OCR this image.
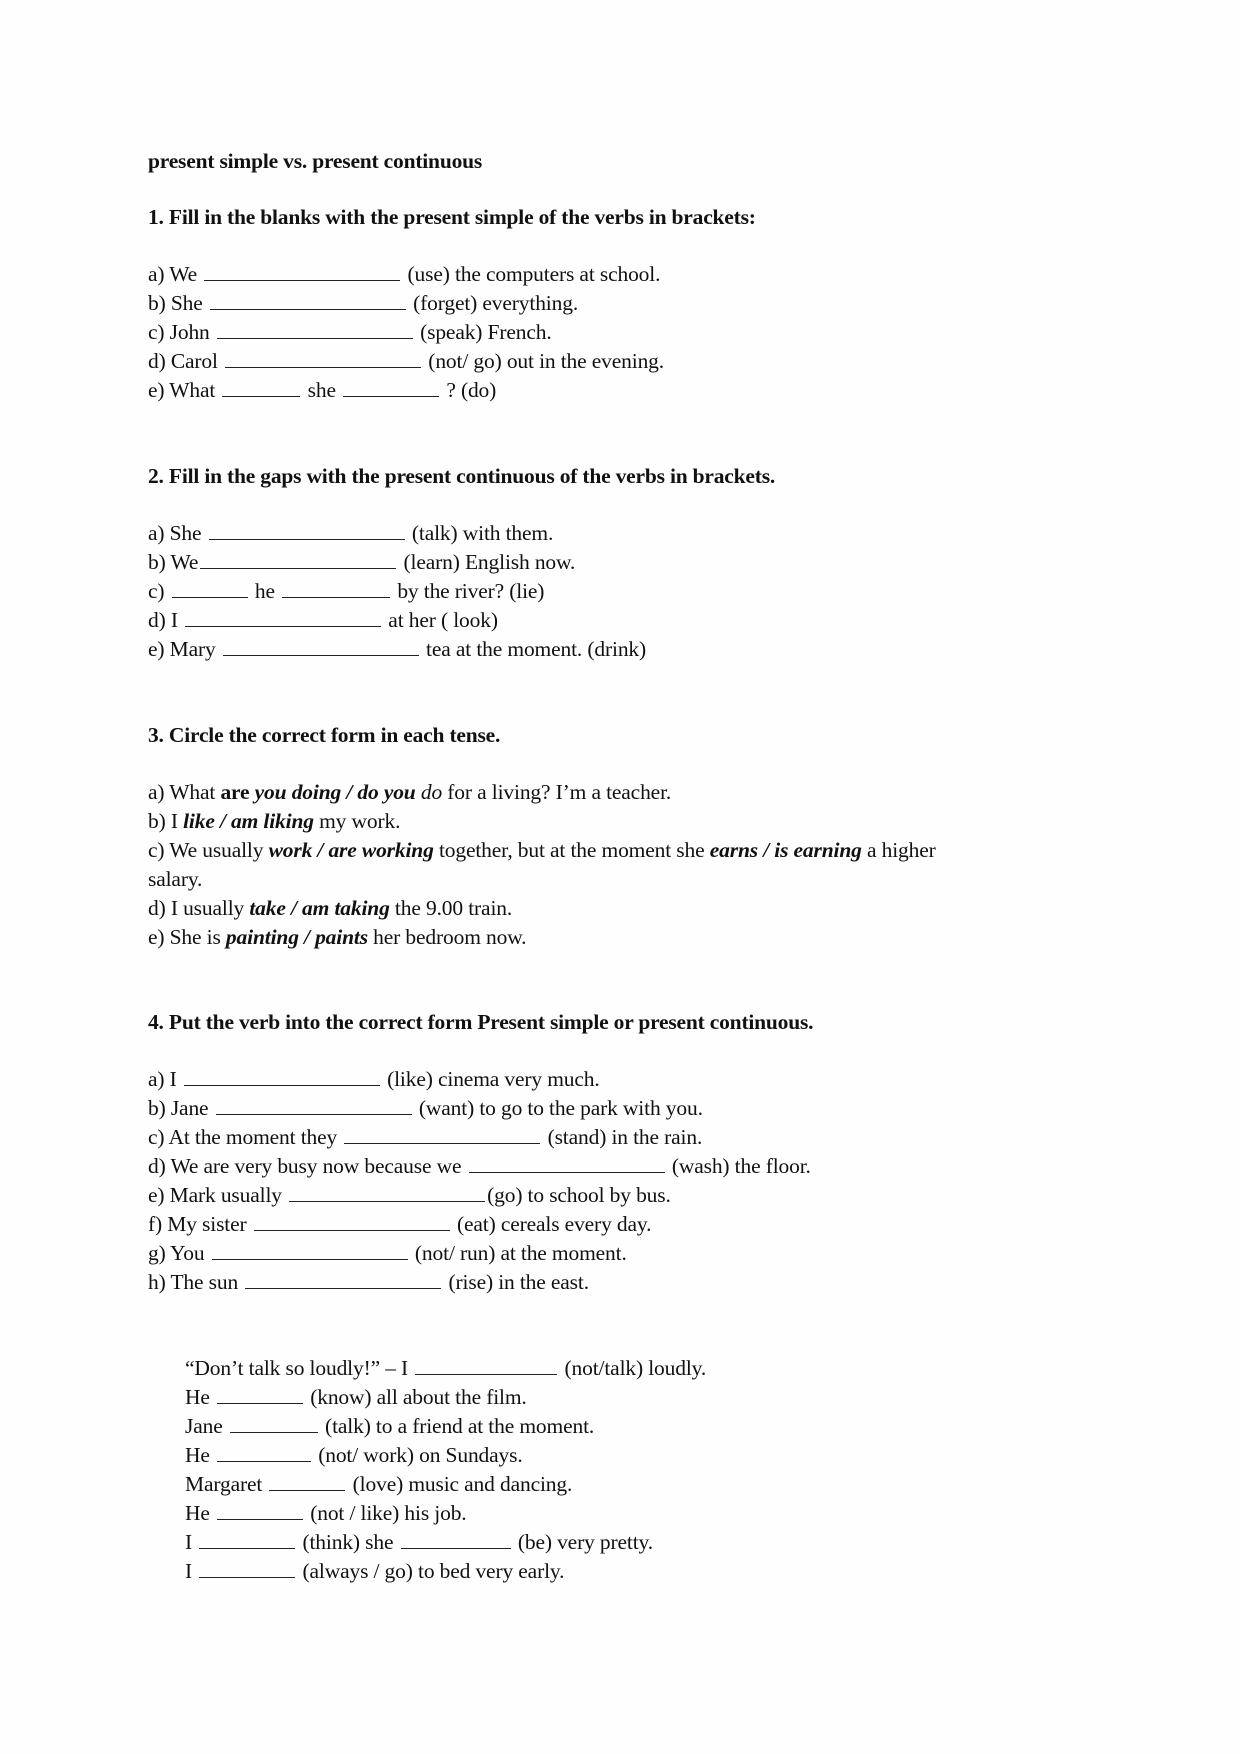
present simple vs. present continuous
1. Fill in the blanks with the present simple of the verbs in brackets:
a) We	(use) the computers at school.
b) She	(forget) everything.
c) John	(speak) French.
d) Carol	(not/ go) out in the evening.
e) What	she	? (do)
2. Fill in the gaps with the present continuous of the verbs in brackets.
a) She	(talk) with them.
b) We	(learn) English now.
c)	he	by the river? (lie)
d) I	at her ( look)
e) Mary	tea at the moment. (drink)
3. Circle the correct form in each tense.
a) What are you doing / do you do for a living? I’m a teacher.
b) I like / am liking my work.
c) We usually work / are working together, but at the moment she earns / is earning a higher
salary.
d) I usually take / am taking the 9.00 train.
e) She is painting / paints her bedroom now.
4. Put the verb into the correct form Present simple or present continuous.
a) I	(like) cinema very much.
b) Jane	(want) to go to the park with you.
c) At the moment they	(stand) in the rain.
d) We are very busy now because we	(wash) the floor.
e) Mark usually	(go) to school by bus.
f) My sister	(eat) cereals every day.
g) You	(not/ run) at the moment.
h) The sun	(rise) in the east.
“Don’t talk so loudly!” – I	(not/talk) loudly.
He	(know) all about the film.
Jane	(talk) to a friend at the moment.
He	(not/ work) on Sundays.
Margaret	(love) music and dancing.
He	(not / like) his job.
I	(think) she	(be) very pretty.
I	(always / go) to bed very early.
